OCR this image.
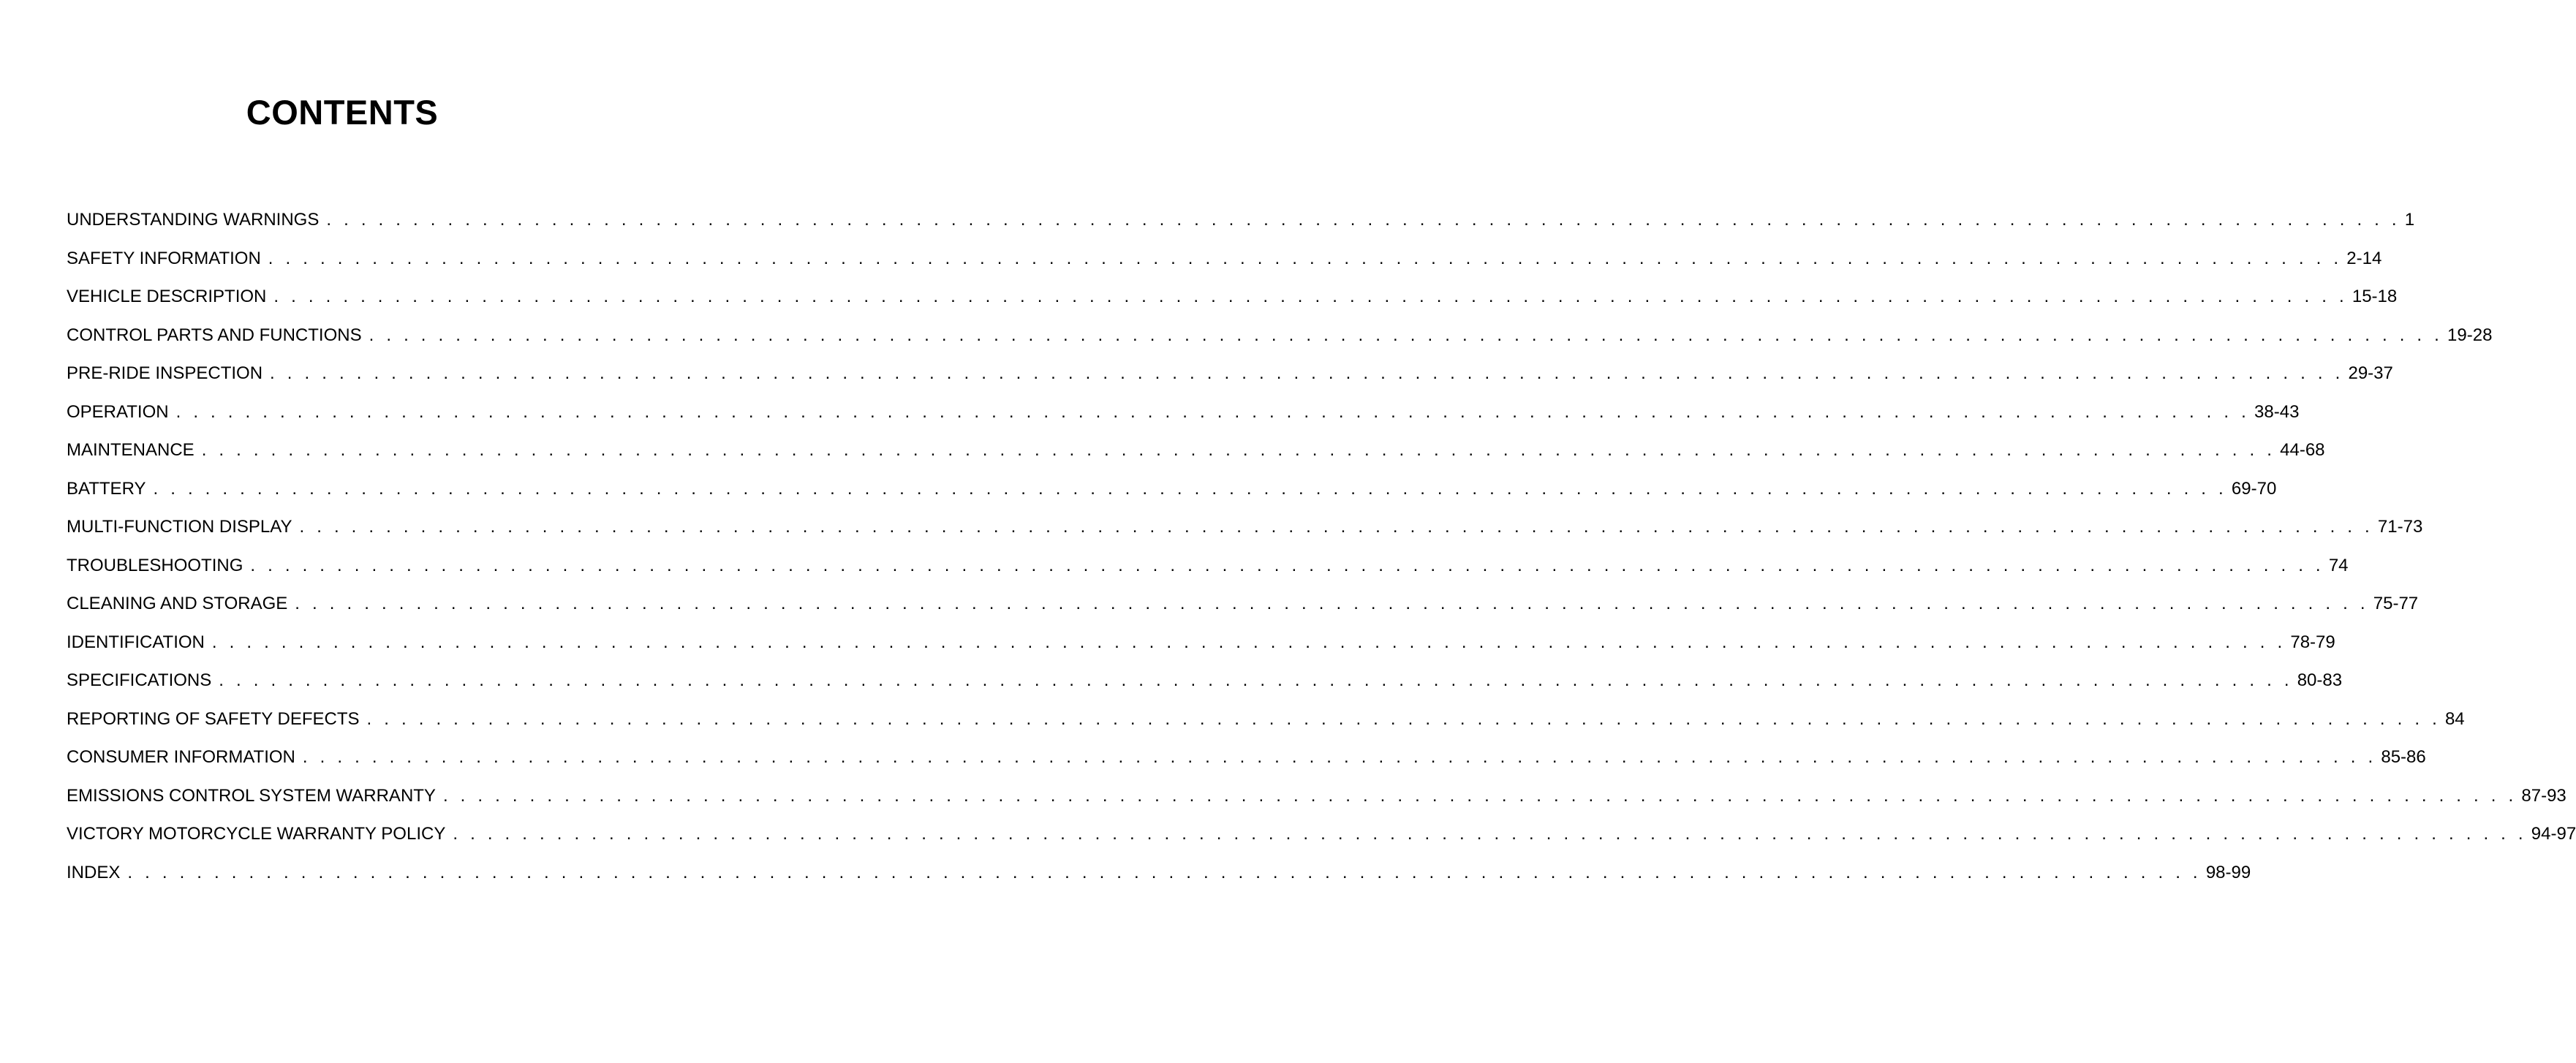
CONTENTS
UNDERSTANDING WARNINGS . . . . . . . . . . . . . . . . . . . . . . . . . . . . . . . . . . . . . . . . . . . . . . . . . . . . . . . . . . . . . . . . . . . . . . . . . . . . . . . . . . . . . . . . . . . . . . . . . . . . . . . . . . . . . . . . . . . . . . . . 1
SAFETY INFORMATION . . . . . . . . . . . . . . . . . . . . . . . . . . . . . . . . . . . . . . . . . . . . . . . . . . . . . . . . . . . . . . . . . . . . . . . . . . . . . . . . . . . . . . . . . . . . . . . . . . . . . . . . . . . . . . . . . . . . . . . . 2-14
VEHICLE DESCRIPTION . . . . . . . . . . . . . . . . . . . . . . . . . . . . . . . . . . . . . . . . . . . . . . . . . . . . . . . . . . . . . . . . . . . . . . . . . . . . . . . . . . . . . . . . . . . . . . . . . . . . . . . . . . . . . . . . . . . . . . . . 15-18
CONTROL PARTS AND FUNCTIONS . . . . . . . . . . . . . . . . . . . . . . . . . . . . . . . . . . . . . . . . . . . . . . . . . . . . . . . . . . . . . . . . . . . . . . . . . . . . . . . . . . . . . . . . . . . . . . . . . . . . . . . . . . . . . . . . . . . . . . . . 19-28
PRE-RIDE INSPECTION . . . . . . . . . . . . . . . . . . . . . . . . . . . . . . . . . . . . . . . . . . . . . . . . . . . . . . . . . . . . . . . . . . . . . . . . . . . . . . . . . . . . . . . . . . . . . . . . . . . . . . . . . . . . . . . . . . . . . . . . 29-37
OPERATION . . . . . . . . . . . . . . . . . . . . . . . . . . . . . . . . . . . . . . . . . . . . . . . . . . . . . . . . . . . . . . . . . . . . . . . . . . . . . . . . . . . . . . . . . . . . . . . . . . . . . . . . . . . . . . . . . . . . . . . . 38-43
MAINTENANCE . . . . . . . . . . . . . . . . . . . . . . . . . . . . . . . . . . . . . . . . . . . . . . . . . . . . . . . . . . . . . . . . . . . . . . . . . . . . . . . . . . . . . . . . . . . . . . . . . . . . . . . . . . . . . . . . . . . . . . . . 44-68
BATTERY . . . . . . . . . . . . . . . . . . . . . . . . . . . . . . . . . . . . . . . . . . . . . . . . . . . . . . . . . . . . . . . . . . . . . . . . . . . . . . . . . . . . . . . . . . . . . . . . . . . . . . . . . . . . . . . . . . . . . . . . 69-70
MULTI-FUNCTION DISPLAY . . . . . . . . . . . . . . . . . . . . . . . . . . . . . . . . . . . . . . . . . . . . . . . . . . . . . . . . . . . . . . . . . . . . . . . . . . . . . . . . . . . . . . . . . . . . . . . . . . . . . . . . . . . . . . . . . . . . . . . . 71-73
TROUBLESHOOTING . . . . . . . . . . . . . . . . . . . . . . . . . . . . . . . . . . . . . . . . . . . . . . . . . . . . . . . . . . . . . . . . . . . . . . . . . . . . . . . . . . . . . . . . . . . . . . . . . . . . . . . . . . . . . . . . . . . . . . . . 74
CLEANING AND STORAGE . . . . . . . . . . . . . . . . . . . . . . . . . . . . . . . . . . . . . . . . . . . . . . . . . . . . . . . . . . . . . . . . . . . . . . . . . . . . . . . . . . . . . . . . . . . . . . . . . . . . . . . . . . . . . . . . . . . . . . . . 75-77
IDENTIFICATION . . . . . . . . . . . . . . . . . . . . . . . . . . . . . . . . . . . . . . . . . . . . . . . . . . . . . . . . . . . . . . . . . . . . . . . . . . . . . . . . . . . . . . . . . . . . . . . . . . . . . . . . . . . . . . . . . . . . . . . . 78-79
SPECIFICATIONS . . . . . . . . . . . . . . . . . . . . . . . . . . . . . . . . . . . . . . . . . . . . . . . . . . . . . . . . . . . . . . . . . . . . . . . . . . . . . . . . . . . . . . . . . . . . . . . . . . . . . . . . . . . . . . . . . . . . . . . . 80-83
REPORTING OF SAFETY DEFECTS . . . . . . . . . . . . . . . . . . . . . . . . . . . . . . . . . . . . . . . . . . . . . . . . . . . . . . . . . . . . . . . . . . . . . . . . . . . . . . . . . . . . . . . . . . . . . . . . . . . . . . . . . . . . . . . . . . . . . . . . 84
CONSUMER INFORMATION . . . . . . . . . . . . . . . . . . . . . . . . . . . . . . . . . . . . . . . . . . . . . . . . . . . . . . . . . . . . . . . . . . . . . . . . . . . . . . . . . . . . . . . . . . . . . . . . . . . . . . . . . . . . . . . . . . . . . . . . 85-86
EMISSIONS CONTROL SYSTEM WARRANTY . . . . . . . . . . . . . . . . . . . . . . . . . . . . . . . . . . . . . . . . . . . . . . . . . . . . . . . . . . . . . . . . . . . . . . . . . . . . . . . . . . . . . . . . . . . . . . . . . . . . . . . . . . . . . . . . . . . . . . . . 87-93
VICTORY MOTORCYCLE WARRANTY POLICY . . . . . . . . . . . . . . . . . . . . . . . . . . . . . . . . . . . . . . . . . . . . . . . . . . . . . . . . . . . . . . . . . . . . . . . . . . . . . . . . . . . . . . . . . . . . . . . . . . . . . . . . . . . . . . . . . . . . . . . . 94-97
INDEX . . . . . . . . . . . . . . . . . . . . . . . . . . . . . . . . . . . . . . . . . . . . . . . . . . . . . . . . . . . . . . . . . . . . . . . . . . . . . . . . . . . . . . . . . . . . . . . . . . . . . . . . . . . . . . . . . . . . . . . . 98-99
